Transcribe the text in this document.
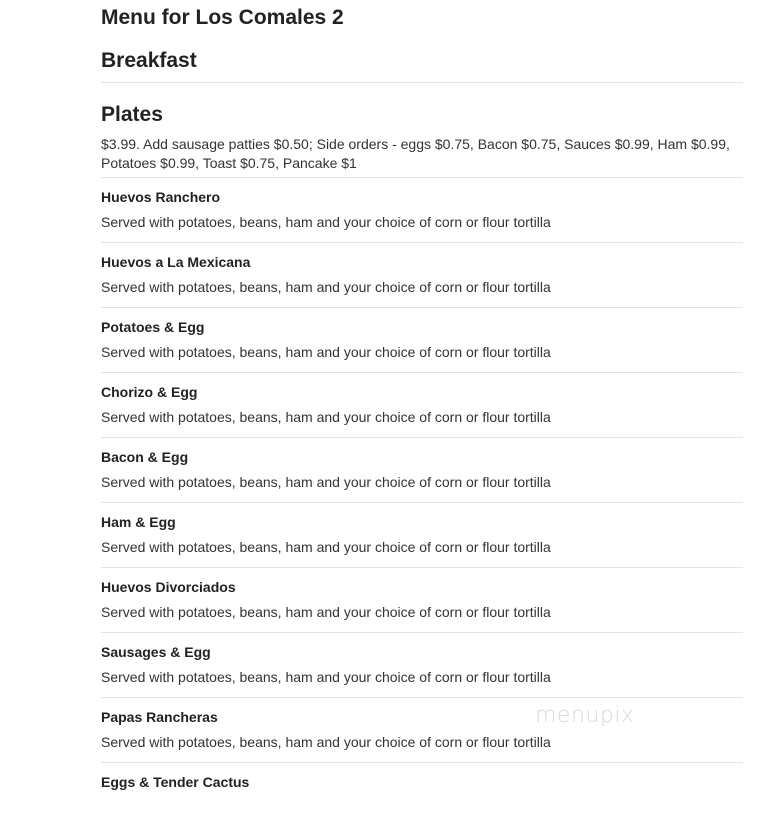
Menu for Los Comales 2
Breakfast
Plates

$3.99. Add sausage patties $0.50; Side orders - eggs $0.75, Bacon $0.75, Sauces $0.99, Ham $0.99, Potatoes $0.99, Toast $0.75, Pancake $1

Huevos Ranchero
Served with potatoes, beans, ham and your choice of corn or flour tortilla
Huevos a La Mexicana
Served with potatoes, beans, ham and your choice of corn or flour tortilla
Potatoes & Egg
Served with potatoes, beans, ham and your choice of corn or flour tortilla
Chorizo & Egg
Served with potatoes, beans, ham and your choice of corn or flour tortilla
Bacon & Egg
Served with potatoes, beans, ham and your choice of corn or flour tortilla
Ham & Egg
Served with potatoes, beans, ham and your choice of corn or flour tortilla
Huevos Divorciados
Served with potatoes, beans, ham and your choice of corn or flour tortilla
Sausages & Egg
Served with potatoes, beans, ham and your choice of corn or flour tortilla
Papas Rancheras
Served with potatoes, beans, ham and your choice of corn or flour tortilla
Eggs & Tender Cactus
menupix
